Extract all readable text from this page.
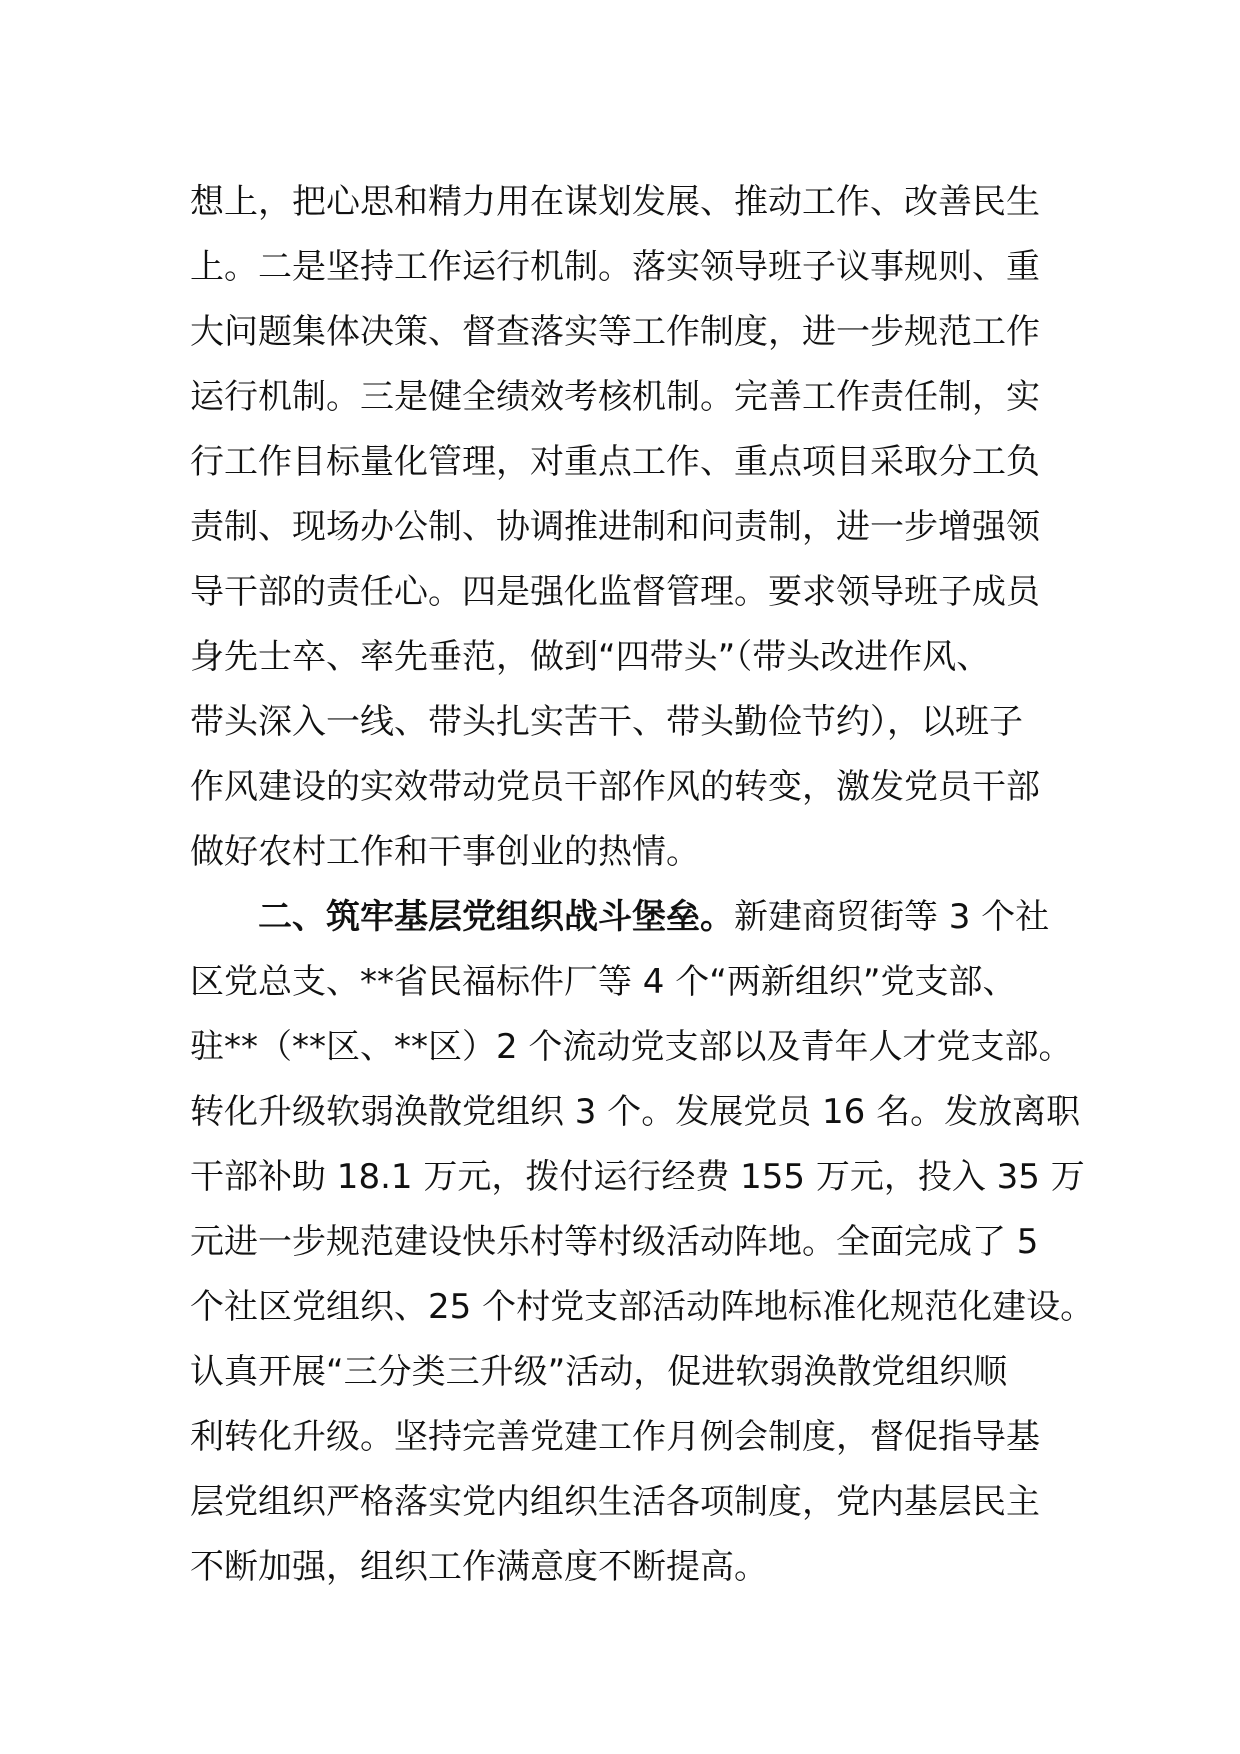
想上，把心思和精力用在谋划发展、推动工作、改善民生
上。二是坚持工作运行机制。落实领导班子议事规则、重
大问题集体决策、督查落实等工作制度，进一步规范工作
运行机制。三是健全绩效考核机制。完善工作责任制，实
行工作目标量化管理，对重点工作、重点项目采取分工负
责制、现场办公制、协调推进制和问责制，进一步增强领
导干部的责任心。四是强化监督管理。要求领导班子成员
身先士卒、率先垂范，做到“四带头”（带头改进作风、
带头深入一线、带头扎实苦干、带头勤俭节约），以班子
作风建设的实效带动党员干部作风的转变，激发党员干部
做好农村工作和干事创业的热情。
二、筑牢基层党组织战斗堡垒。新建商贸街等 3 个社
区党总支、**省民福标件厂等 4 个“两新组织”党支部、
驻**（**区、**区）2 个流动党支部以及青年人才党支部。
转化升级软弱涣散党组织 3 个。发展党员 16 名。发放离职
干部补助 18.1 万元，拨付运行经费 155 万元，投入 35 万
元进一步规范建设快乐村等村级活动阵地。全面完成了 5
个社区党组织、25 个村党支部活动阵地标准化规范化建设。
认真开展“三分类三升级”活动，促进软弱涣散党组织顺
利转化升级。坚持完善党建工作月例会制度，督促指导基
层党组织严格落实党内组织生活各项制度，党内基层民主
不断加强，组织工作满意度不断提高。
